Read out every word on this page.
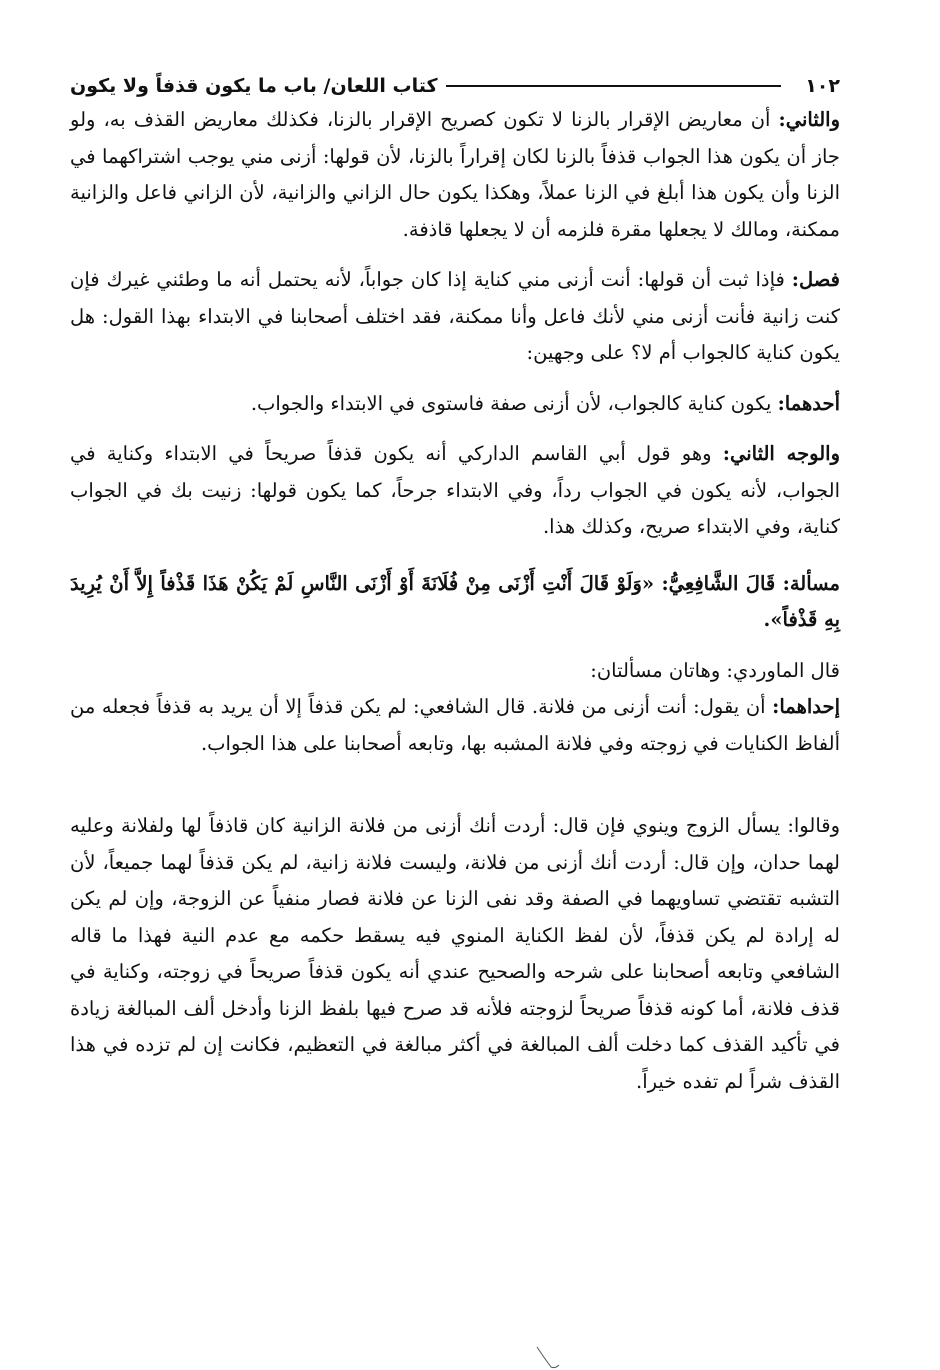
١٠٢
كتاب اللعان/ باب ما يكون قذفاً ولا يكون

والثاني: أن معاريض الإقرار بالزنا لا تكون كصريح الإقرار بالزنا، فكذلك معاريض القذف به، ولو جاز أن يكون هذا الجواب قذفاً بالزنا لكان إقراراً بالزنا، لأن قولها: أزنى مني يوجب اشتراكهما في الزنا وأن يكون هذا أبلغ في الزنا عملاً، وهكذا يكون حال الزاني والزانية، لأن الزاني فاعل والزانية ممكنة، ومالك لا يجعلها مقرة فلزمه أن لا يجعلها قاذفة.

فصل: فإذا ثبت أن قولها: أنت أزنى مني كناية إذا كان جواباً، لأنه يحتمل أنه ما وطئني غيرك فإن كنت زانية فأنت أزنى مني لأنك فاعل وأنا ممكنة، فقد اختلف أصحابنا في الابتداء بهذا القول: هل يكون كناية كالجواب أم لا؟ على وجهين:

أحدهما: يكون كناية كالجواب، لأن أزنى صفة فاستوى في الابتداء والجواب.

والوجه الثاني: وهو قول أبي القاسم الداركي أنه يكون قذفاً صريحاً في الابتداء وكناية في الجواب، لأنه يكون في الجواب رداً، وفي الابتداء جرحاً، كما يكون قولها: زنيت بك في الجواب كناية، وفي الابتداء صريح، وكذلك هذا.

مسألة: قَالَ الشَّافِعِيُّ: «وَلَوْ قَالَ أَنْتِ أَزْنَى مِنْ فُلَانَةَ أَوْ أَزْنَى النَّاسِ لَمْ يَكُنْ هَذَا قَذْفاً إِلاَّ أَنْ يُرِيدَ بِهِ قَذْفاً».

قال الماوردي: وهاتان مسألتان:

إحداهما: أن يقول: أنت أزنى من فلانة. قال الشافعي: لم يكن قذفاً إلا أن يريد به قذفاً فجعله من ألفاظ الكنايات في زوجته وفي فلانة المشبه بها، وتابعه أصحابنا على هذا الجواب.

وقالوا: يسأل الزوج وينوي فإن قال: أردت أنك أزنى من فلانة الزانية كان قاذفاً لها ولفلانة وعليه لهما حدان، وإن قال: أردت أنك أزنى من فلانة، وليست فلانة زانية، لم يكن قذفاً لهما جميعاً، لأن التشبه تقتضي تساويهما في الصفة وقد نفى الزنا عن فلانة فصار منفياً عن الزوجة، وإن لم يكن له إرادة لم يكن قذفاً، لأن لفظ الكناية المنوي فيه يسقط حكمه مع عدم النية فهذا ما قاله الشافعي وتابعه أصحابنا على شرحه والصحيح عندي أنه يكون قذفاً صريحاً في زوجته، وكناية في قذف فلانة، أما كونه قذفاً صريحاً لزوجته فلأنه قد صرح فيها بلفظ الزنا وأدخل ألف المبالغة زيادة في تأكيد القذف كما دخلت ألف المبالغة في أكثر مبالغة في التعظيم، فكانت إن لم تزده في هذا القذف شراً لم تفده خيراً.
